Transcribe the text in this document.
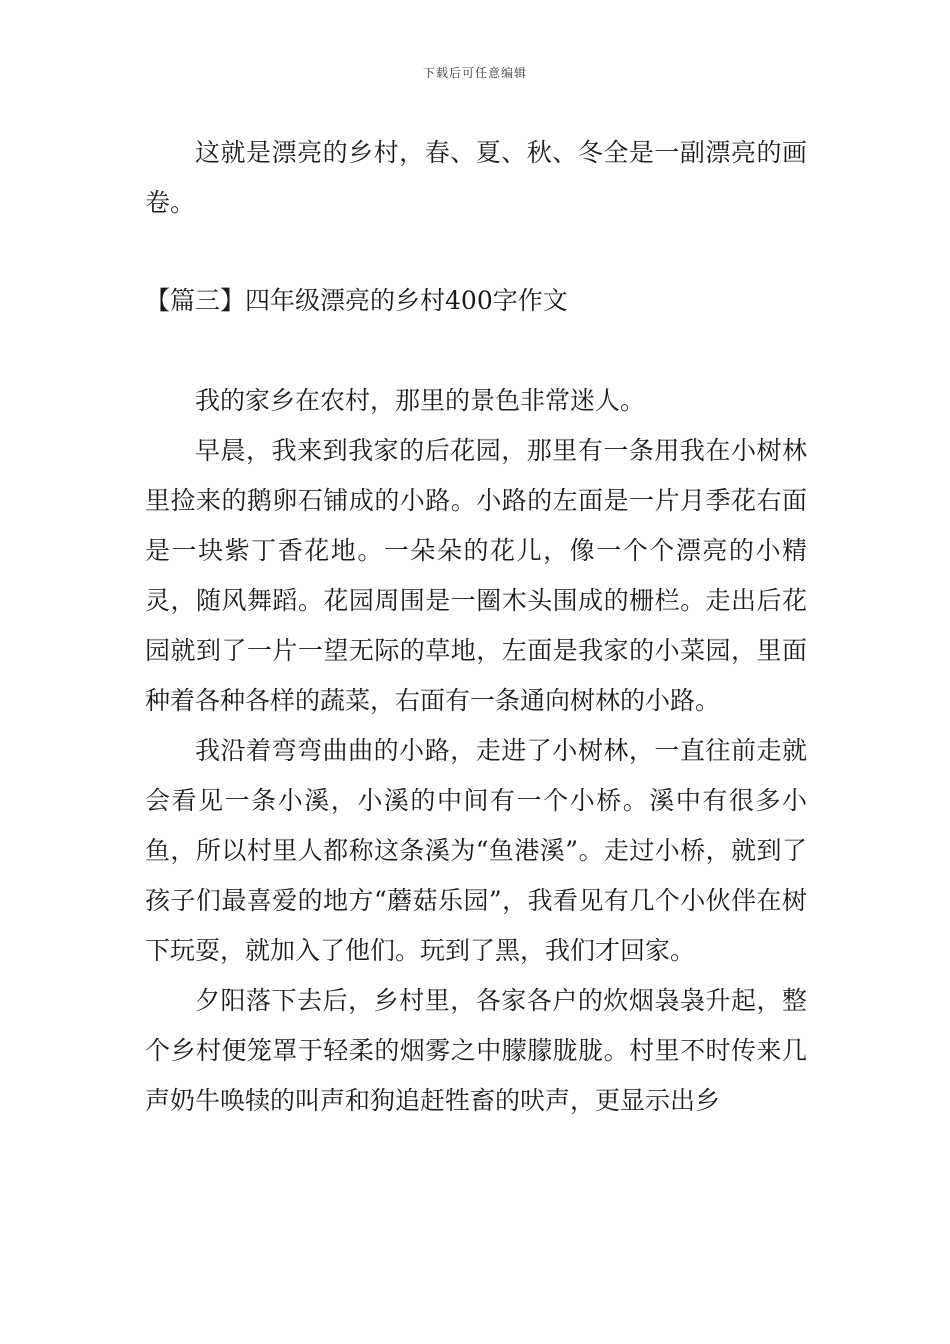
下载后可任意编辑

这就是漂亮的乡村，春、夏、秋、冬全是一副漂亮的画卷。

【篇三】四年级漂亮的乡村400字作文

我的家乡在农村，那里的景色非常迷人。

早晨，我来到我家的后花园，那里有一条用我在小树林里捡来的鹅卵石铺成的小路。小路的左面是一片月季花右面是一块紫丁香花地。一朵朵的花儿，像一个个漂亮的小精灵，随风舞蹈。花园周围是一圈木头围成的栅栏。走出后花园就到了一片一望无际的草地，左面是我家的小菜园，里面种着各种各样的蔬菜，右面有一条通向树林的小路。

我沿着弯弯曲曲的小路，走进了小树林，一直往前走就会看见一条小溪，小溪的中间有一个小桥。溪中有很多小鱼，所以村里人都称这条溪为“鱼港溪”。走过小桥，就到了孩子们最喜爱的地方“蘑菇乐园”，我看见有几个小伙伴在树下玩耍，就加入了他们。玩到了黑，我们才回家。

夕阳落下去后，乡村里，各家各户的炊烟袅袅升起，整个乡村便笼罩于轻柔的烟雾之中朦朦胧胧。村里不时传来几声奶牛唤犊的叫声和狗追赶牲畜的吠声，更显示出乡
